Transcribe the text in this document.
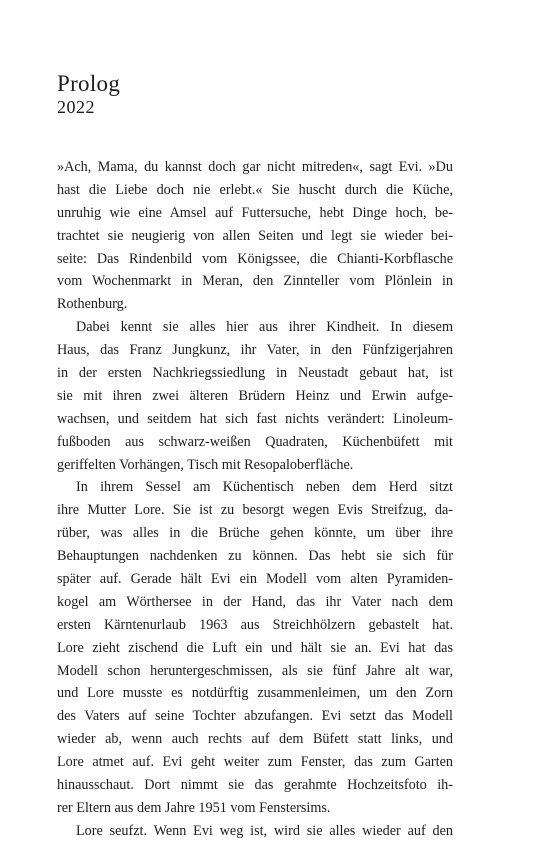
Prolog
2022
»Ach, Mama, du kannst doch gar nicht mitreden«, sagt Evi. »Du
hast die Liebe doch nie erlebt.« Sie huscht durch die Küche,
unruhig wie eine Amsel auf Futtersuche, hebt Dinge hoch, be-
trachtet sie neugierig von allen Seiten und legt sie wieder bei-
seite: Das Rindenbild vom Königssee, die Chianti-Korbflasche
vom Wochenmarkt in Meran, den Zinnteller vom Plönlein in
Rothenburg.
Dabei kennt sie alles hier aus ihrer Kindheit. In diesem
Haus, das Franz Jungkunz, ihr Vater, in den Fünfzigerjahren
in der ersten Nachkriegssiedlung in Neustadt gebaut hat, ist
sie mit ihren zwei älteren Brüdern Heinz und Erwin aufge-
wachsen, und seitdem hat sich fast nichts verändert: Linoleum-
fußboden aus schwarz-weißen Quadraten, Küchenbüfett mit
geriffelten Vorhängen, Tisch mit Resopaloberfläche.
In ihrem Sessel am Küchentisch neben dem Herd sitzt
ihre Mutter Lore. Sie ist zu besorgt wegen Evis Streifzug, da-
rüber, was alles in die Brüche gehen könnte, um über ihre
Behauptungen nachdenken zu können. Das hebt sie sich für
später auf. Gerade hält Evi ein Modell vom alten Pyramiden-
kogel am Wörthersee in der Hand, das ihr Vater nach dem
ersten Kärntenurlaub 1963 aus Streichhölzern gebastelt hat.
Lore zieht zischend die Luft ein und hält sie an. Evi hat das
Modell schon heruntergeschmissen, als sie fünf Jahre alt war,
und Lore musste es notdürftig zusammenleimen, um den Zorn
des Vaters auf seine Tochter abzufangen. Evi setzt das Modell
wieder ab, wenn auch rechts auf dem Büfett statt links, und
Lore atmet auf. Evi geht weiter zum Fenster, das zum Garten
hinausschaut. Dort nimmt sie das gerahmte Hochzeitsfoto ih-
rer Eltern aus dem Jahre 1951 vom Fenstersims.
Lore seufzt. Wenn Evi weg ist, wird sie alles wieder auf den
